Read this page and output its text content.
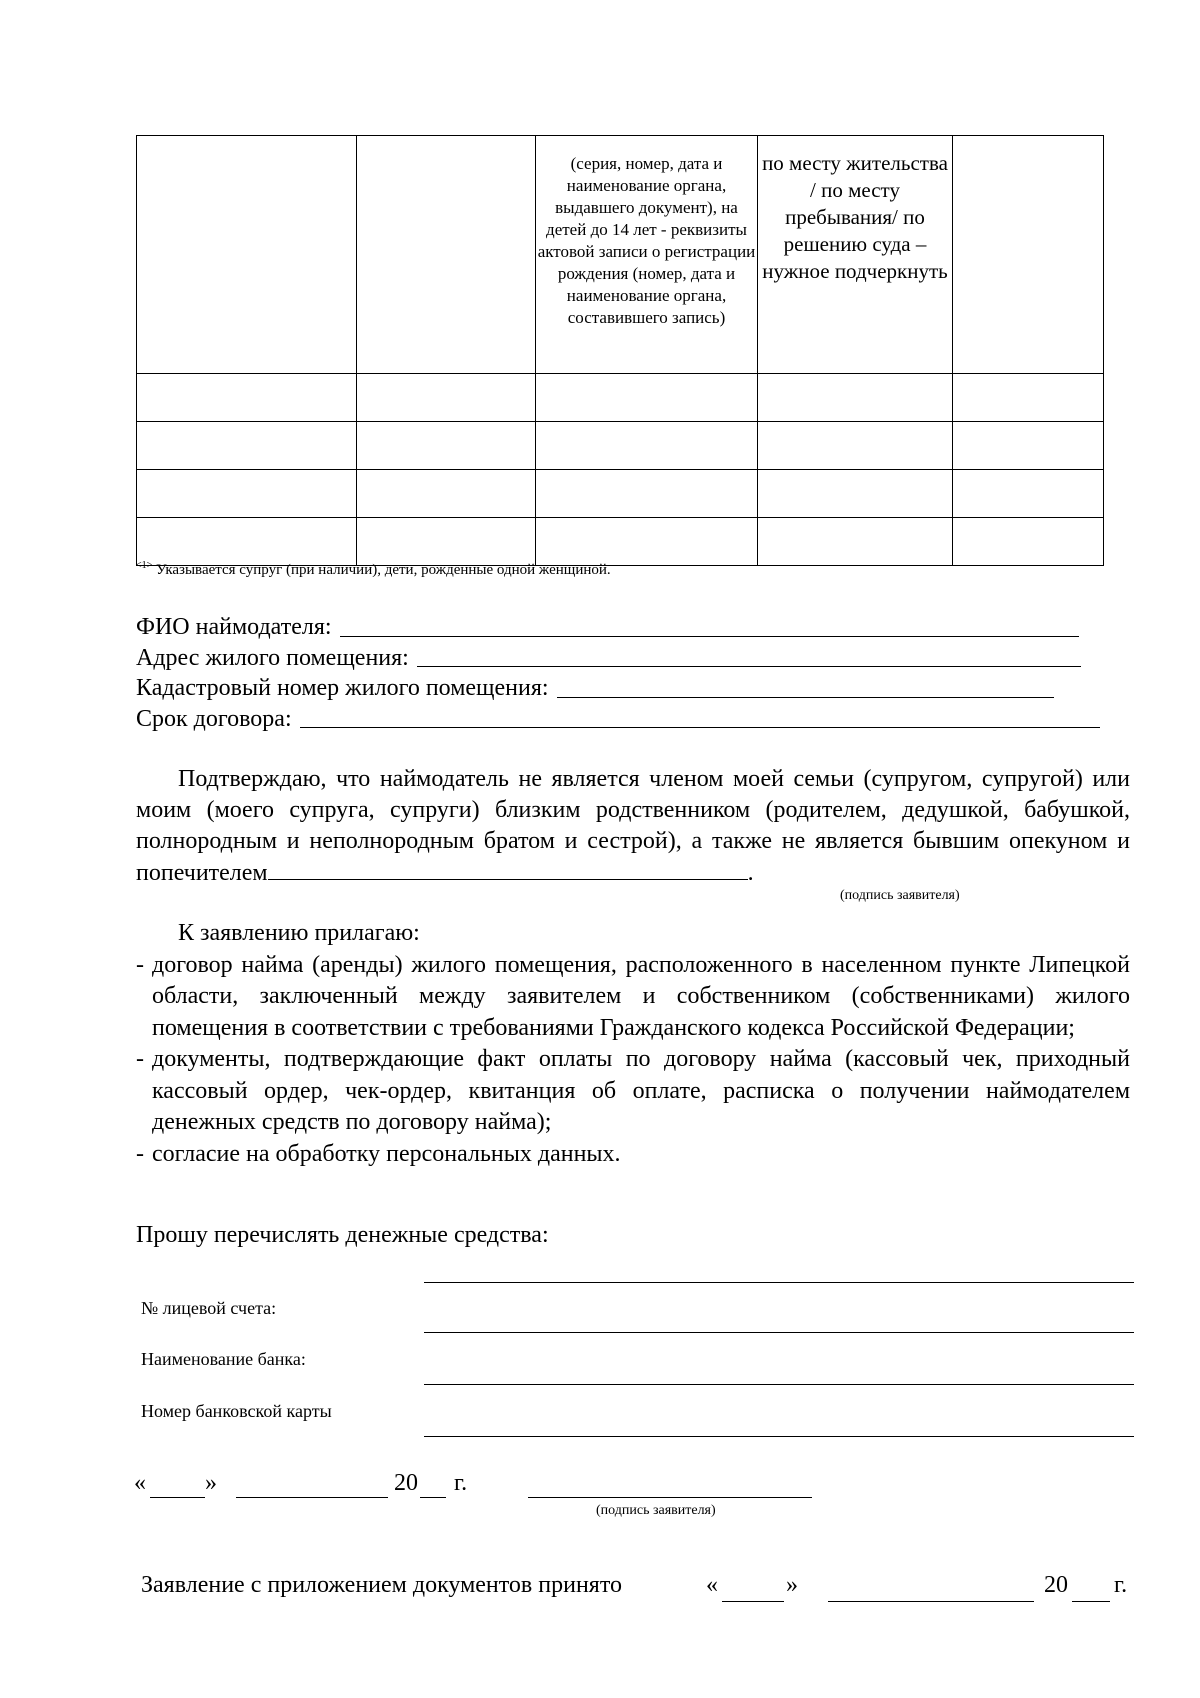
		(серия, номер, дата и наименование органа, выдавшего документ), на детей до 14 лет - реквизиты актовой записи о регистрации рождения (номер, дата и наименование органа, составившего запись)	по месту жительства / по месту пребывания/ по решению суда – нужное подчеркнуть	

$^{<1>}$ Указывается супруг (при наличии), дети, рожденные одной женщиной.
ФИО наймодателя:
Адрес жилого помещения:
Кадастровый номер жилого помещения:
Срок договора:

Подтверждаю, что наймодатель не является членом моей семьи (супругом, супругой) или моим (моего супруга, супруги) близким родственником (родителем, дедушкой, бабушкой, полнородным и неполнородным братом и сестрой), а также не является бывшим опекуном и попечителем	.

(подпись заявителя)
К заявлению прилагаю:
- договор найма (аренды) жилого помещения, расположенного в населенном пункте Липецкой области, заключенный между заявителем и собственником (собственниками) жилого помещения в соответствии с требованиями Гражданского кодекса Российской Федерации;
- документы, подтверждающие факт оплаты по договору найма (кассовый чек, приходный кассовый ордер, чек-ордер, квитанция об оплате, расписка о получении наймодателем денежных средств по договору найма);
- согласие на обработку персональных данных.
Прошу перечислять денежные средства:
№ лицевой счета:
Наименование банка:
Номер банковской карты
« »	20 г.
(подпись заявителя)
Заявление с приложением документов принято	«	»	20 г.
